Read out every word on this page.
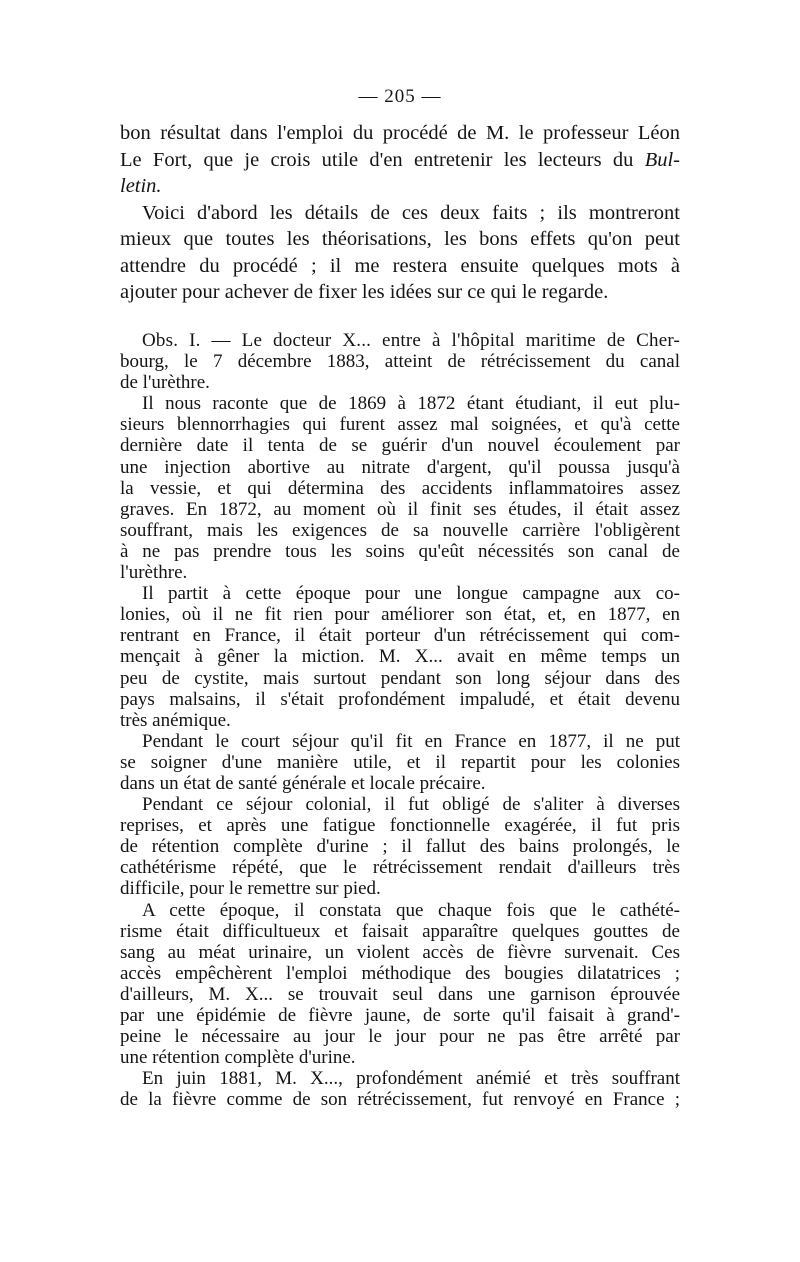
— 205 —
bon résultat dans l'emploi du procédé de M. le professeur Léon
Le Fort, que je crois utile d'en entretenir les lecteurs du Bul-
letin.
Voici d'abord les détails de ces deux faits ; ils montreront
mieux que toutes les théorisations, les bons effets qu'on peut
attendre du procédé ; il me restera ensuite quelques mots à
ajouter pour achever de fixer les idées sur ce qui le regarde.
Obs. I. — Le docteur X... entre à l'hôpital maritime de Cher-
bourg, le 7 décembre 1883, atteint de rétrécissement du canal
de l'urèthre.
Il nous raconte que de 1869 à 1872 étant étudiant, il eut plu-
sieurs blennorrhagies qui furent assez mal soignées, et qu'à cette
dernière date il tenta de se guérir d'un nouvel écoulement par
une injection abortive au nitrate d'argent, qu'il poussa jusqu'à
la vessie, et qui détermina des accidents inflammatoires assez
graves. En 1872, au moment où il finit ses études, il était assez
souffrant, mais les exigences de sa nouvelle carrière l'obligèrent
à ne pas prendre tous les soins qu'eût nécessités son canal de
l'urèthre.
Il partit à cette époque pour une longue campagne aux co-
lonies, où il ne fit rien pour améliorer son état, et, en 1877, en
rentrant en France, il était porteur d'un rétrécissement qui com-
mençait à gêner la miction. M. X... avait en même temps un
peu de cystite, mais surtout pendant son long séjour dans des
pays malsains, il s'était profondément impaludé, et était devenu
très anémique.
Pendant le court séjour qu'il fit en France en 1877, il ne put
se soigner d'une manière utile, et il repartit pour les colonies
dans un état de santé générale et locale précaire.
Pendant ce séjour colonial, il fut obligé de s'aliter à diverses
reprises, et après une fatigue fonctionnelle exagérée, il fut pris
de rétention complète d'urine ; il fallut des bains prolongés, le
cathétérisme répété, que le rétrécissement rendait d'ailleurs très
difficile, pour le remettre sur pied.
A cette époque, il constata que chaque fois que le cathété-
risme était difficultueux et faisait apparaître quelques gouttes de
sang au méat urinaire, un violent accès de fièvre survenait. Ces
accès empêchèrent l'emploi méthodique des bougies dilatatrices ;
d'ailleurs, M. X... se trouvait seul dans une garnison éprouvée
par une épidémie de fièvre jaune, de sorte qu'il faisait à grand'-
peine le nécessaire au jour le jour pour ne pas être arrêté par
une rétention complète d'urine.
En juin 1881, M. X..., profondément anémié et très souffrant
de la fièvre comme de son rétrécissement, fut renvoyé en France ;
